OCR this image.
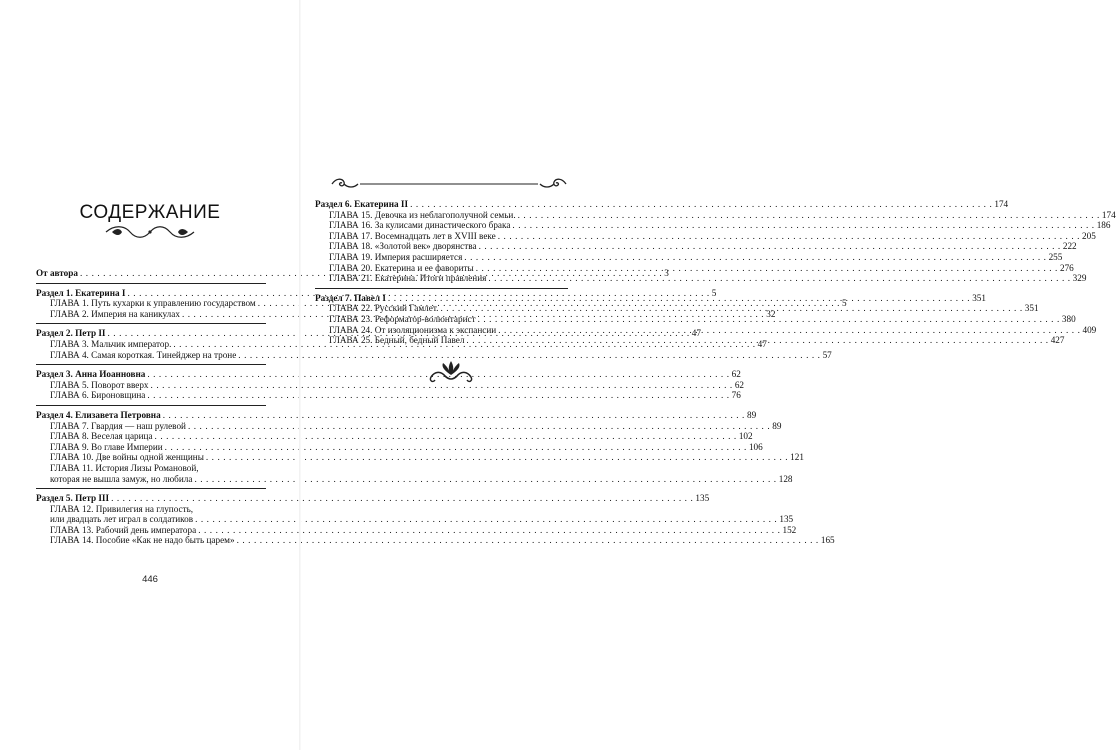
СОДЕРЖАНИЕ
От автора . . .	3
Раздел 1. Екатерина I . . .	5
ГЛАВА 1. Путь кухарки к управлению государством . . .	5
ГЛАВА 2. Империя на каникулах . . .	32
Раздел 2. Петр II . . .	47
ГЛАВА 3. Мальчик император. . . .	47
ГЛАВА 4. Самая короткая. Тинейджер на троне . . .	57
Раздел 3. Анна Иоанновна . . .	62
ГЛАВА 5. Поворот вверх . . .	62
ГЛАВА 6. Бироновщина . . .	76
Раздел 4. Елизавета Петровна . . .	89
ГЛАВА 7. Гвардия — наш рулевой . . .	89
ГЛАВА 8. Веселая царица . . .	102
ГЛАВА 9. Во главе Империи . . .	106
ГЛАВА 10. Две войны одной женщины . . .	121
ГЛАВА 11. История Лизы Романовой,
которая не вышла замуж, но любила . . .	128
Раздел 5. Петр III . . .	135
ГЛАВА 12. Привилегия на глупость,
или двадцать лет играл в солдатиков . . .	135
ГЛАВА 13. Рабочий день императора . . .	152
ГЛАВА 14. Пособие «Как не надо быть царем» . . .	165
446
Раздел 6. Екатерина II . . .	174
ГЛАВА 15. Девочка из неблагополучной семьи. . . .	174
ГЛАВА 16. За кулисами династического брака . . .	186
ГЛАВА 17. Восемнадцать лет в XVIII веке . . .	205
ГЛАВА 18. «Золотой век» дворянства . . .	222
ГЛАВА 19. Империя расширяется . . .	255
ГЛАВА 20. Екатерина и ее фавориты . . .	276
ГЛАВА 21. Екатерина. Итоги правления . . .	329
Раздел 7. Павел I . . .	351
ГЛАВА 22. Русский Гамлет. . . .	351
ГЛАВА 23. Реформатор-волюнтарист . . .	380
ГЛАВА 24. От изоляционизма к экспансии . . .	409
ГЛАВА 25. Бедный, бедный Павел . . .	427
